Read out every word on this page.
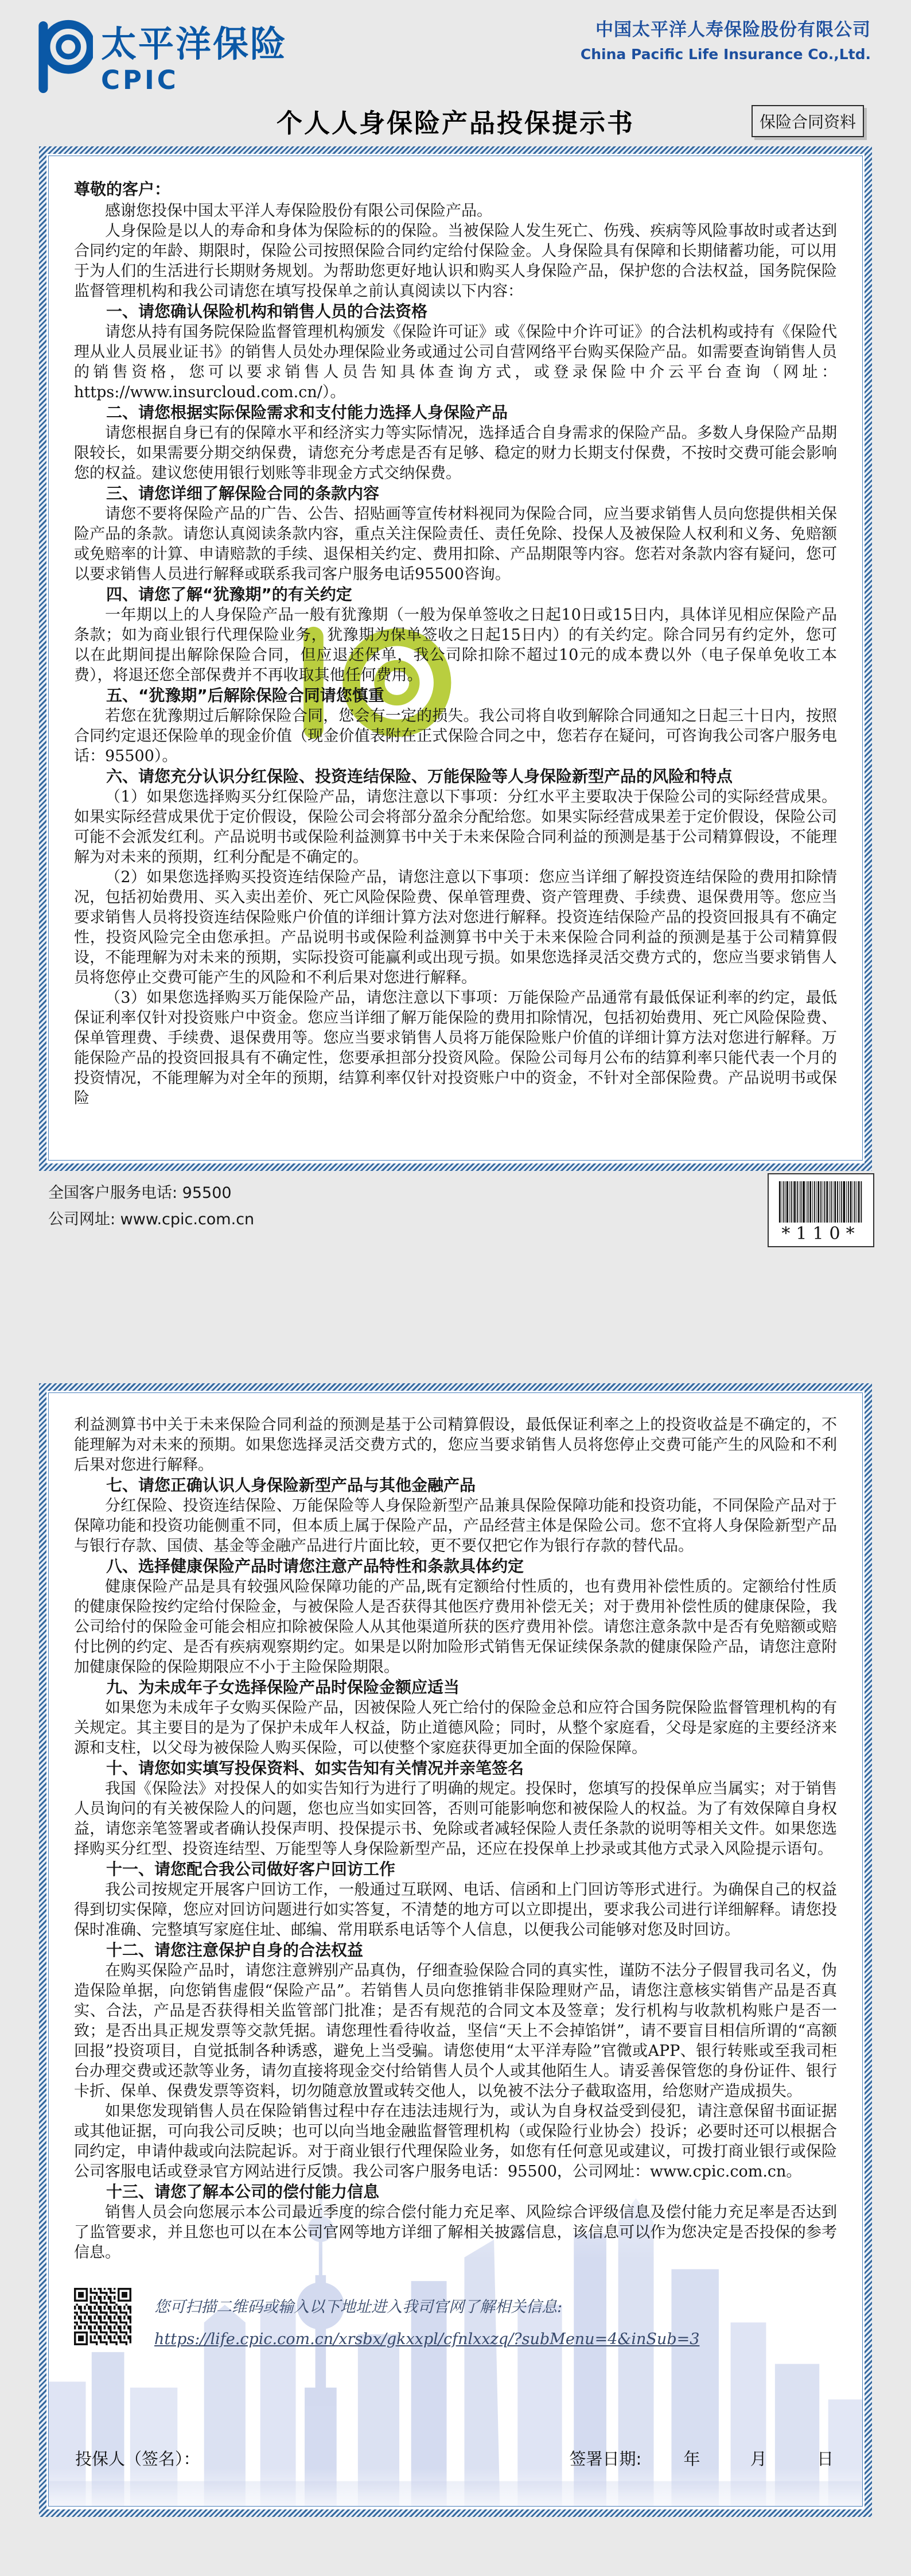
太平洋保险
CPIC
中国太平洋人寿保险股份有限公司
China Pacific Life Insurance Co.,Ltd.
个人人身保险产品投保提示书	保险合同资料
尊敬的客户：

感谢您投保中国太平洋人寿保险股份有限公司保险产品。

人身保险是以人的寿命和身体为保险标的的保险。当被保险人发生死亡、伤残、疾病等风险事故时或者达到合同约定的年龄、期限时，保险公司按照保险合同约定给付保险金。人身保险具有保障和长期储蓄功能，可以用于为人们的生活进行长期财务规划。为帮助您更好地认识和购买人身保险产品，保护您的合法权益，国务院保险监督管理机构和我公司请您在填写投保单之前认真阅读以下内容：

一、请您确认保险机构和销售人员的合法资格

请您从持有国务院保险监督管理机构颁发《保险许可证》或《保险中介许可证》的合法机构或持有《保险代理从业人员展业证书》的销售人员处办理保险业务或通过公司自营网络平台购买保险产品。如需要查询销售人员的销售资格，您可以要求销售人员告知具体查询方式，或登录保险中介云平台查询（网址：https://www.insurcloud.com.cn/）。

二、请您根据实际保险需求和支付能力选择人身保险产品

请您根据自身已有的保障水平和经济实力等实际情况，选择适合自身需求的保险产品。多数人身保险产品期限较长，如果需要分期交纳保费，请您充分考虑是否有足够、稳定的财力长期支付保费，不按时交费可能会影响您的权益。建议您使用银行划账等非现金方式交纳保费。

三、请您详细了解保险合同的条款内容

请您不要将保险产品的广告、公告、招贴画等宣传材料视同为保险合同，应当要求销售人员向您提供相关保险产品的条款。请您认真阅读条款内容，重点关注保险责任、责任免除、投保人及被保险人权利和义务、免赔额或免赔率的计算、申请赔款的手续、退保相关约定、费用扣除、产品期限等内容。您若对条款内容有疑问，您可以要求销售人员进行解释或联系我司客户服务电话95500咨询。

四、请您了解“犹豫期”的有关约定

一年期以上的人身保险产品一般有犹豫期（一般为保单签收之日起10日或15日内，具体详见相应保险产品条款；如为商业银行代理保险业务，犹豫期为保单签收之日起15日内）的有关约定。除合同另有约定外，您可以在此期间提出解除保险合同，但应退还保单，我公司除扣除不超过10元的成本费以外（电子保单免收工本费），将退还您全部保费并不再收取其他任何费用。

五、“犹豫期”后解除保险合同请您慎重

若您在犹豫期过后解除保险合同，您会有一定的损失。我公司将自收到解除合同通知之日起三十日内，按照合同约定退还保险单的现金价值（现金价值表附在正式保险合同之中，您若存在疑问，可咨询我公司客户服务电话：95500）。

六、请您充分认识分红保险、投资连结保险、万能保险等人身保险新型产品的风险和特点

（1）如果您选择购买分红保险产品，请您注意以下事项：分红水平主要取决于保险公司的实际经营成果。如果实际经营成果优于定价假设，保险公司会将部分盈余分配给您。如果实际经营成果差于定价假设，保险公司可能不会派发红利。产品说明书或保险利益测算书中关于未来保险合同利益的预测是基于公司精算假设，不能理解为对未来的预期，红利分配是不确定的。

（2）如果您选择购买投资连结保险产品，请您注意以下事项：您应当详细了解投资连结保险的费用扣除情况，包括初始费用、买入卖出差价、死亡风险保险费、保单管理费、资产管理费、手续费、退保费用等。您应当要求销售人员将投资连结保险账户价值的详细计算方法对您进行解释。投资连结保险产品的投资回报具有不确定性，投资风险完全由您承担。产品说明书或保险利益测算书中关于未来保险合同利益的预测是基于公司精算假设，不能理解为对未来的预期，实际投资可能赢利或出现亏损。如果您选择灵活交费方式的，您应当要求销售人员将您停止交费可能产生的风险和不利后果对您进行解释。

（3）如果您选择购买万能保险产品，请您注意以下事项：万能保险产品通常有最低保证利率的约定，最低保证利率仅针对投资账户中资金。您应当详细了解万能保险的费用扣除情况，包括初始费用、死亡风险保险费、保单管理费、手续费、退保费用等。您应当要求销售人员将万能保险账户价值的详细计算方法对您进行解释。万能保险产品的投资回报具有不确定性，您要承担部分投资风险。保险公司每月公布的结算利率只能代表一个月的投资情况，不能理解为对全年的预期，结算利率仅针对投资账户中的资金，不针对全部保险费。产品说明书或保险

全国客户服务电话: 95500
公司网址: www.cpic.com.cn
*110*

利益测算书中关于未来保险合同利益的预测是基于公司精算假设，最低保证利率之上的投资收益是不确定的，不能理解为对未来的预期。如果您选择灵活交费方式的，您应当要求销售人员将您停止交费可能产生的风险和不利后果对您进行解释。

七、请您正确认识人身保险新型产品与其他金融产品

分红保险、投资连结保险、万能保险等人身保险新型产品兼具保险保障功能和投资功能，不同保险产品对于保障功能和投资功能侧重不同，但本质上属于保险产品，产品经营主体是保险公司。您不宜将人身保险新型产品与银行存款、国债、基金等金融产品进行片面比较，更不要仅把它作为银行存款的替代品。

八、选择健康保险产品时请您注意产品特性和条款具体约定

健康保险产品是具有较强风险保障功能的产品,既有定额给付性质的，也有费用补偿性质的。定额给付性质的健康保险按约定给付保险金，与被保险人是否获得其他医疗费用补偿无关；对于费用补偿性质的健康保险，我公司给付的保险金可能会相应扣除被保险人从其他渠道所获的医疗费用补偿。请您注意条款中是否有免赔额或赔付比例的约定、是否有疾病观察期约定。如果是以附加险形式销售无保证续保条款的健康保险产品，请您注意附加健康保险的保险期限应不小于主险保险期限。

九、为未成年子女选择保险产品时保险金额应适当

如果您为未成年子女购买保险产品，因被保险人死亡给付的保险金总和应符合国务院保险监督管理机构的有关规定。其主要目的是为了保护未成年人权益，防止道德风险；同时，从整个家庭看，父母是家庭的主要经济来源和支柱，以父母为被保险人购买保险，可以使整个家庭获得更加全面的保险保障。

十、请您如实填写投保资料、如实告知有关情况并亲笔签名

我国《保险法》对投保人的如实告知行为进行了明确的规定。投保时，您填写的投保单应当属实；对于销售人员询问的有关被保险人的问题，您也应当如实回答，否则可能影响您和被保险人的权益。为了有效保障自身权益，请您亲笔签署或者确认投保声明、投保提示书、免除或者减轻保险人责任条款的说明等相关文件。如果您选择购买分红型、投资连结型、万能型等人身保险新型产品，还应在投保单上抄录或其他方式录入风险提示语句。

十一、请您配合我公司做好客户回访工作

我公司按规定开展客户回访工作，一般通过互联网、电话、信函和上门回访等形式进行。为确保自己的权益得到切实保障，您应对回访问题进行如实答复，不清楚的地方可以立即提出，要求我公司进行详细解释。请您投保时准确、完整填写家庭住址、邮编、常用联系电话等个人信息，以便我公司能够对您及时回访。

十二、请您注意保护自身的合法权益

在购买保险产品时，请您注意辨别产品真伪，仔细查验保险合同的真实性，谨防不法分子假冒我司名义，伪造保险单据，向您销售虚假“保险产品”。若销售人员向您推销非保险理财产品，请您注意核实销售产品是否真实、合法，产品是否获得相关监管部门批准；是否有规范的合同文本及签章；发行机构与收款机构账户是否一致；是否出具正规发票等交款凭据。请您理性看待收益，坚信“天上不会掉馅饼”，请不要盲目相信所谓的“高额回报”投资项目，自觉抵制各种诱惑，避免上当受骗。请您使用“太平洋寿险”官微或APP、银行转账或至我司柜台办理交费或还款等业务，请勿直接将现金交付给销售人员个人或其他陌生人。请妥善保管您的身份证件、银行卡折、保单、保费发票等资料，切勿随意放置或转交他人，以免被不法分子截取盗用，给您财产造成损失。

如果您发现销售人员在保险销售过程中存在违法违规行为，或认为自身权益受到侵犯，请注意保留书面证据或其他证据，可向我公司反映；也可以向当地金融监督管理机构（或保险行业协会）投诉；必要时还可以根据合同约定，申请仲裁或向法院起诉。对于商业银行代理保险业务，如您有任何意见或建议，可拨打商业银行或保险公司客服电话或登录官方网站进行反馈。我公司客户服务电话：95500，公司网址：www.cpic.com.cn。

十三、请您了解本公司的偿付能力信息

销售人员会向您展示本公司最近季度的综合偿付能力充足率、风险综合评级信息及偿付能力充足率是否达到了监管要求，并且您也可以在本公司官网等地方详细了解相关披露信息，该信息可以作为您决定是否投保的参考信息。

您可扫描二维码或输入以下地址进入我司官网了解相关信息:
https://life.cpic.com.cn/xrsbx/gkxxpl/cfnlxxzq/?subMenu=4&inSub=3
投保人（签名）：	签署日期:	年	月	日
